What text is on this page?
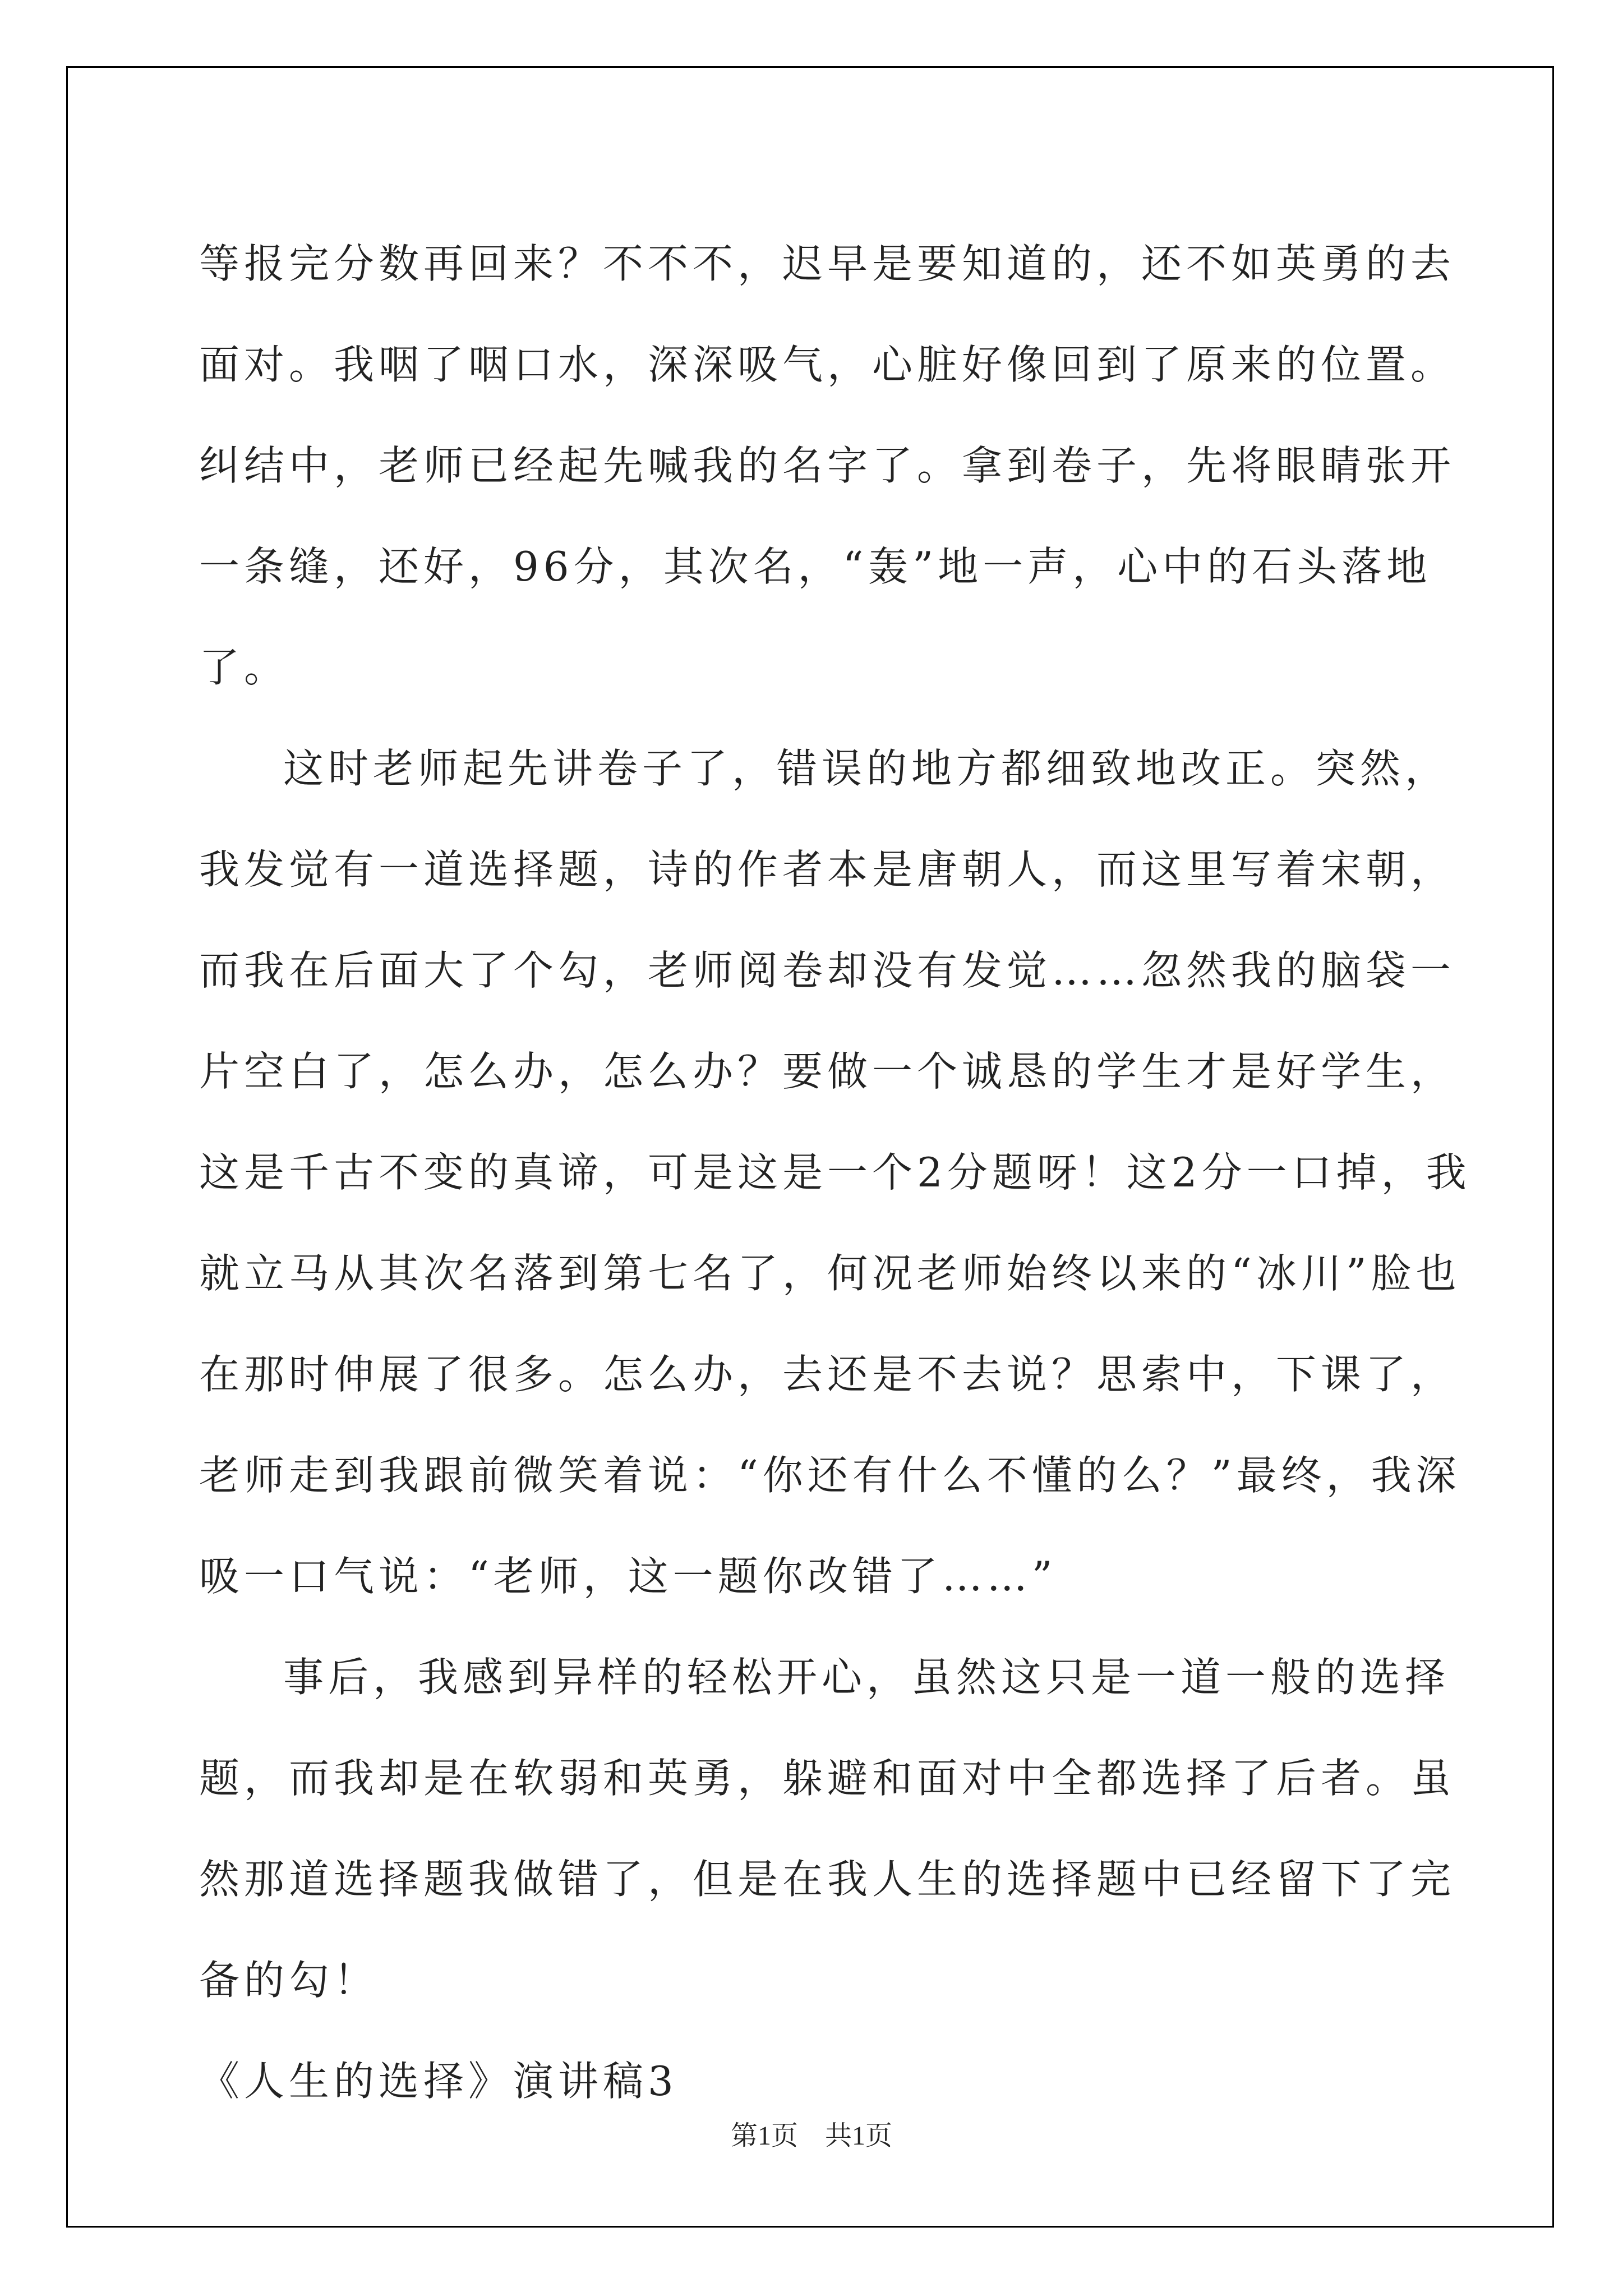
等报完分数再回来？不不不，迟早是要知道的，还不如英勇的去面对。我咽了咽口水，深深吸气，心脏好像回到了原来的位置。纠结中，老师已经起先喊我的名字了。拿到卷子，先将眼睛张开一条缝，还好，96分，其次名，“轰”地一声，心中的石头落地了。

这时老师起先讲卷子了，错误的地方都细致地改正。突然，我发觉有一道选择题，诗的作者本是唐朝人，而这里写着宋朝，而我在后面大了个勾，老师阅卷却没有发觉……忽然我的脑袋一片空白了，怎么办，怎么办？要做一个诚恳的学生才是好学生，这是千古不变的真谛，可是这是一个2分题呀！这2分一口掉，我就立马从其次名落到第七名了，何况老师始终以来的“冰川”脸也在那时伸展了很多。怎么办，去还是不去说？思索中，下课了，老师走到我跟前微笑着说：“你还有什么不懂的么？”最终，我深吸一口气说：“老师，这一题你改错了……”

事后，我感到异样的轻松开心，虽然这只是一道一般的选择题，而我却是在软弱和英勇，躲避和面对中全都选择了后者。虽然那道选择题我做错了，但是在我人生的选择题中已经留下了完备的勾！

《人生的选择》演讲稿3

第1页 共1页
